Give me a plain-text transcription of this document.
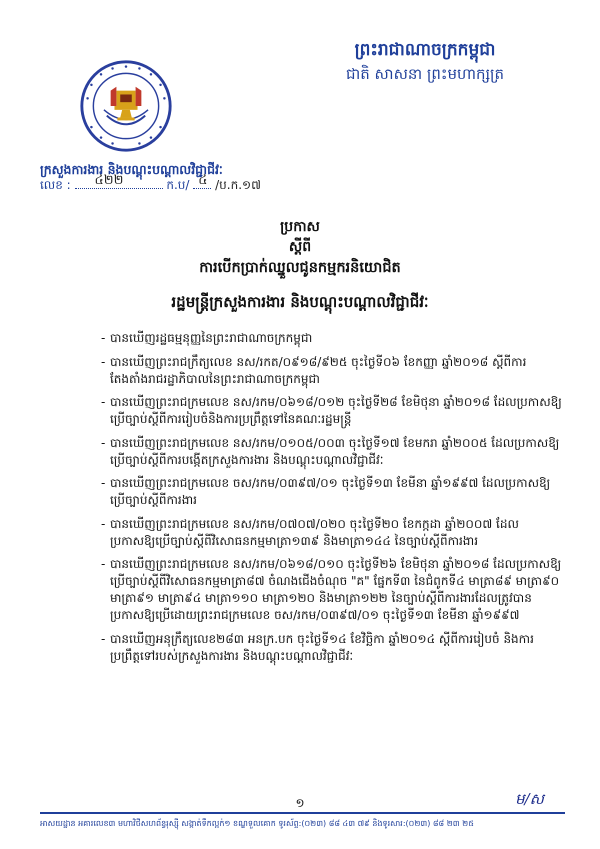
ព្រះរាជាណាចក្រកម្ពុជា
ជាតិ សាសនា ព្រះមហាក្សត្រ
ក្រសួងការងារ និងបណ្តុះបណ្តាលវិជ្ជាជីវៈ
លេខ : ៤២២	ក.ប/ ៤ /ប.ក.១៧
ប្រកាស
ស្តីពី
ការបើកប្រាក់ឈ្នួលជូនកម្មករនិយោជិត
រដ្ឋមន្ត្រីក្រសួងការងារ និងបណ្តុះបណ្តាលវិជ្ជាជីវៈ
- បានឃើញរដ្ឋធម្មនុញ្ញនៃព្រះរាជាណាចក្រកម្ពុជា
- បានឃើញព្រះរាជក្រឹត្យលេខ នស/រកត/០៩១៨/៩២៥ ចុះថ្ងៃទី០៦ ខែកញ្ញា ឆ្នាំ២០១៨ ស្តីពីការតែងតាំងរាជរដ្ឋាភិបាលនៃព្រះរាជាណាចក្រកម្ពុជា
- បានឃើញព្រះរាជក្រមលេខ នស/រកម/០៦១៨/០១២ ចុះថ្ងៃទី២៨ ខែមិថុនា ឆ្នាំ២០១៨ ដែលប្រកាសឱ្យប្រើច្បាប់ស្តីពីការរៀបចំនិងការប្រព្រឹត្តទៅនៃគណៈរដ្ឋមន្ត្រី
- បានឃើញព្រះរាជក្រមលេខ នស/រកម/០១០៥/០០៣ ចុះថ្ងៃទី១៧ ខែមករា ឆ្នាំ២០០៥ ដែលប្រកាសឱ្យប្រើច្បាប់ស្តីពីការបង្កើតក្រសួងការងារ និងបណ្តុះបណ្តាលវិជ្ជាជីវៈ
- បានឃើញព្រះរាជក្រមលេខ ចស/រកម/០៣៩៧/០១ ចុះថ្ងៃទី១៣ ខែមីនា ឆ្នាំ១៩៩៧ ដែលប្រកាសឱ្យប្រើច្បាប់ស្តីពីការងារ
- បានឃើញព្រះរាជក្រមលេខ នស/រកម/០៧០៧/០២០ ចុះថ្ងៃទី២០ ខែកក្កដា ឆ្នាំ២០០៧ ដែលប្រកាសឱ្យប្រើច្បាប់ស្តីពីវិសោធនកម្មមាត្រា១៣៩ និងមាត្រា១៤៤ នៃច្បាប់ស្តីពីការងារ
- បានឃើញព្រះរាជក្រមលេខ នស/រកម/០៦១៨/០១០ ចុះថ្ងៃទី២៦ ខែមិថុនា ឆ្នាំ២០១៨ ដែលប្រកាសឱ្យប្រើច្បាប់ស្តីពីវិសោធនកម្មមាត្រា៨៧ ចំណងជើងចំណុច "គ" ផ្នែកទី៣ នៃជំពូកទី៤ មាត្រា៨៩ មាត្រា៩០ មាត្រា៩១ មាត្រា៩៤ មាត្រា១១០ មាត្រា១២០ និងមាត្រា១២២ នៃច្បាប់ស្តីពីការងារដែលត្រូវបានប្រកាសឱ្យប្រើដោយព្រះរាជក្រមលេខ ចស/រកម/០៣៩៧/០១ ចុះថ្ងៃទី១៣ ខែមីនា ឆ្នាំ១៩៩៧
- បានឃើញអនុក្រឹត្យលេខ២៨៣ អនក្រ.បក ចុះថ្ងៃទី១៤ ខែវិច្ឆិកា ឆ្នាំ២០១៤ ស្តីពីការរៀបចំ និងការប្រព្រឹត្តទៅរបស់ក្រសួងការងារ និងបណ្តុះបណ្តាលវិជ្ជាជីវៈ
១	ម/ស
អាសយដ្ឋាន អគារលេខ៣ មហាវិថីសហព័ន្ធរុស្ស៊ី សង្កាត់ទឹកល្អក់១ ខណ្ឌទួលគោក ទូរស័ព្ទ:(០២៣) ៨៨ ៤៣ ៧៩ និងទូរសារ:(០២៣) ៨៨ ២៣ ២៥
